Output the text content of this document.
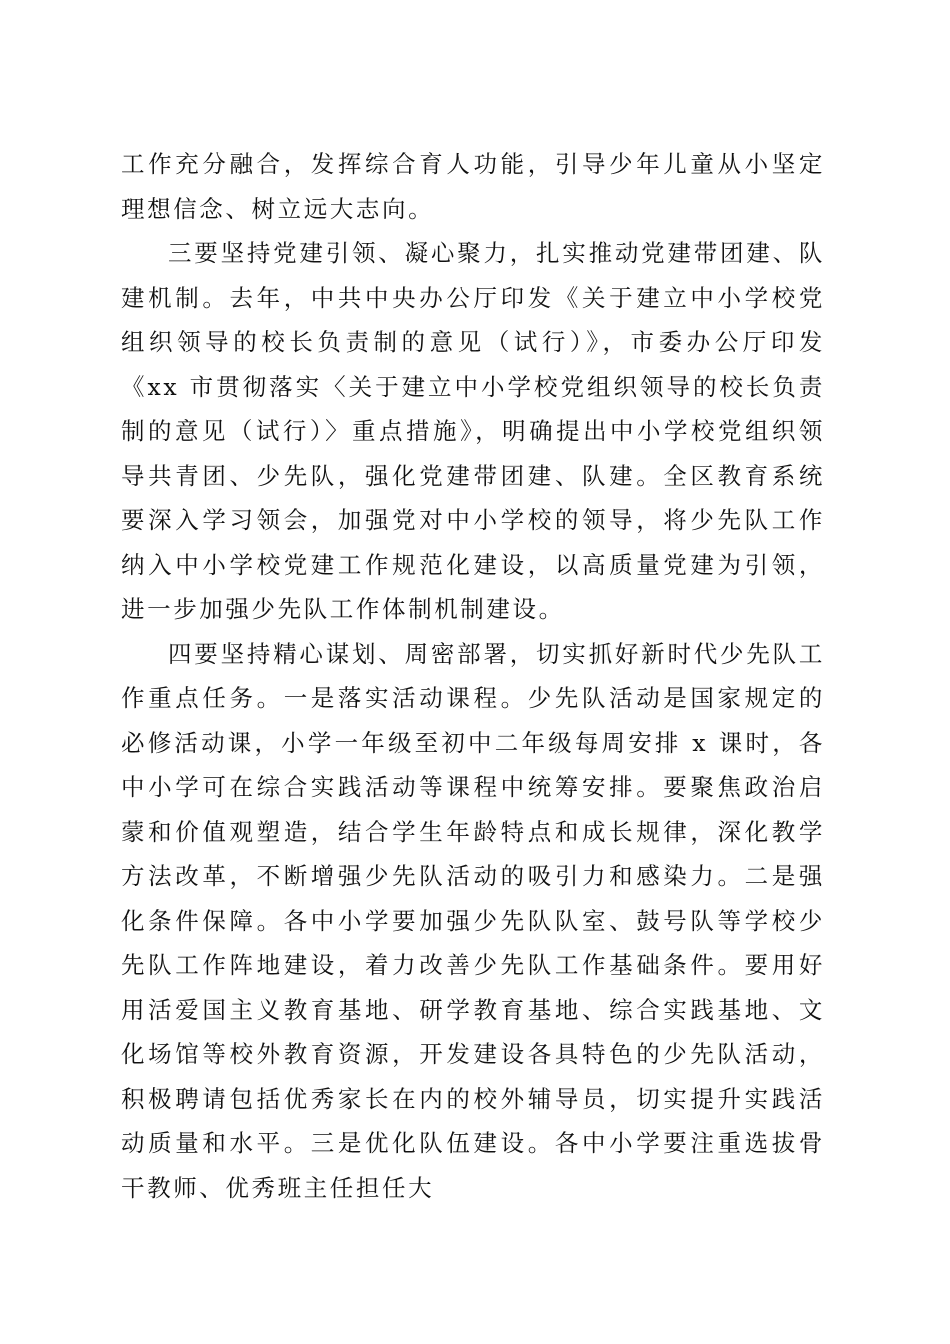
工作充分融合，发挥综合育人功能，引导少年儿童从小坚定理想信念、树立远大志向。

三要坚持党建引领、凝心聚力，扎实推动党建带团建、队建机制。去年，中共中央办公厅印发《关于建立中小学校党组织领导的校长负责制的意见（试行）》，市委办公厅印发《xx 市贯彻落实〈关于建立中小学校党组织领导的校长负责制的意见（试行）〉重点措施》，明确提出中小学校党组织领导共青团、少先队，强化党建带团建、队建。全区教育系统要深入学习领会，加强党对中小学校的领导，将少先队工作纳入中小学校党建工作规范化建设，以高质量党建为引领，进一步加强少先队工作体制机制建设。

四要坚持精心谋划、周密部署，切实抓好新时代少先队工作重点任务。一是落实活动课程。少先队活动是国家规定的必修活动课，小学一年级至初中二年级每周安排 x 课时，各中小学可在综合实践活动等课程中统筹安排。要聚焦政治启蒙和价值观塑造，结合学生年龄特点和成长规律，深化教学方法改革，不断增强少先队活动的吸引力和感染力。二是强化条件保障。各中小学要加强少先队队室、鼓号队等学校少先队工作阵地建设，着力改善少先队工作基础条件。要用好用活爱国主义教育基地、研学教育基地、综合实践基地、文化场馆等校外教育资源，开发建设各具特色的少先队活动，积极聘请包括优秀家长在内的校外辅导员，切实提升实践活动质量和水平。三是优化队伍建设。各中小学要注重选拔骨干教师、优秀班主任担任大
